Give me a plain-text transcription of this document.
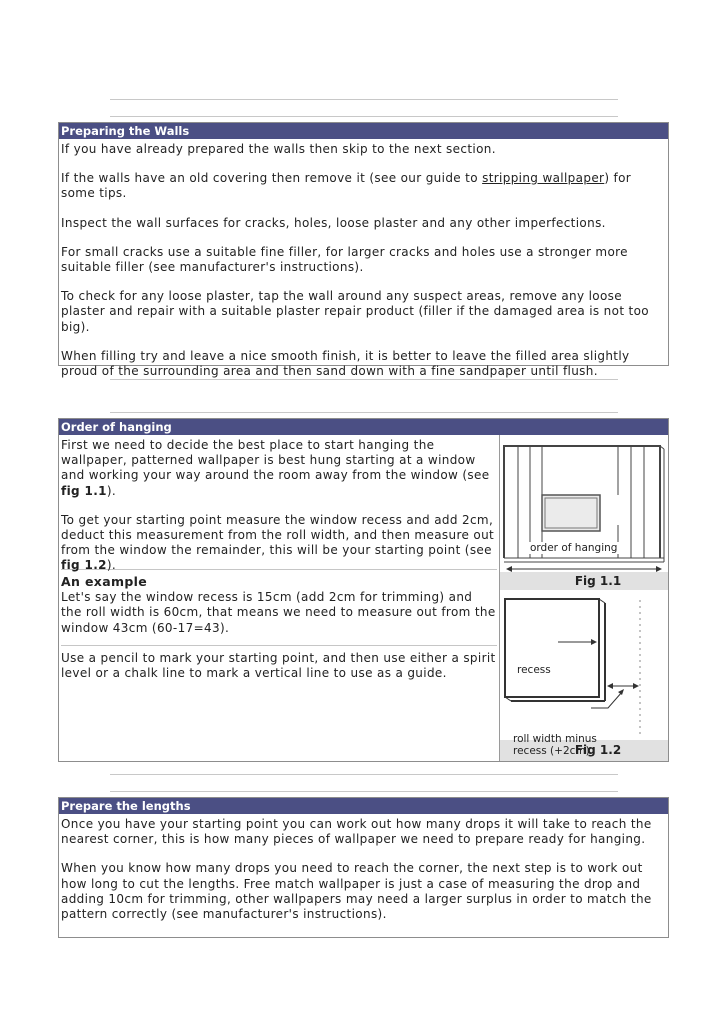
Preparing the Walls

If you have already prepared the walls then skip to the next section.

If the walls have an old covering then remove it (see our guide to stripping wallpaper) for some tips.

Inspect the wall surfaces for cracks, holes, loose plaster and any other imperfections.

For small cracks use a suitable fine filler, for larger cracks and holes use a stronger more suitable filler (see manufacturer's instructions).

To check for any loose plaster, tap the wall around any suspect areas, remove any loose plaster and repair with a suitable plaster repair product (filler if the damaged area is not too big).

When filling try and leave a nice smooth finish, it is better to leave the filled area slightly proud of the surrounding area and then sand down with a fine sandpaper until flush.

Order of hanging

First we need to decide the best place to start hanging the wallpaper, patterned wallpaper is best hung starting at a window and working your way around the room away from the window (see fig 1.1).

To get your starting point measure the window recess and add 2cm, deduct this measurement from the roll width, and then measure out from the window the remainder, this will be your starting point (see fig 1.2).

An example
Let's say the window recess is 15cm (add 2cm for trimming) and the roll width is 60cm, that means we need to measure out from the window 43cm (60-17=43).

Use a pencil to mark your starting point, and then use either a spirit level or a chalk line to mark a vertical line to use as a guide.

order of hanging
Fig 1.1
recess
roll width minus
recess (+2cm)
Fig 1.2
Prepare the lengths

Once you have your starting point you can work out how many drops it will take to reach the nearest corner, this is how many pieces of wallpaper we need to prepare ready for hanging.

When you know how many drops you need to reach the corner, the next step is to work out how long to cut the lengths. Free match wallpaper is just a case of measuring the drop and adding 10cm for trimming, other wallpapers may need a larger surplus in order to match the pattern correctly (see manufacturer's instructions).
